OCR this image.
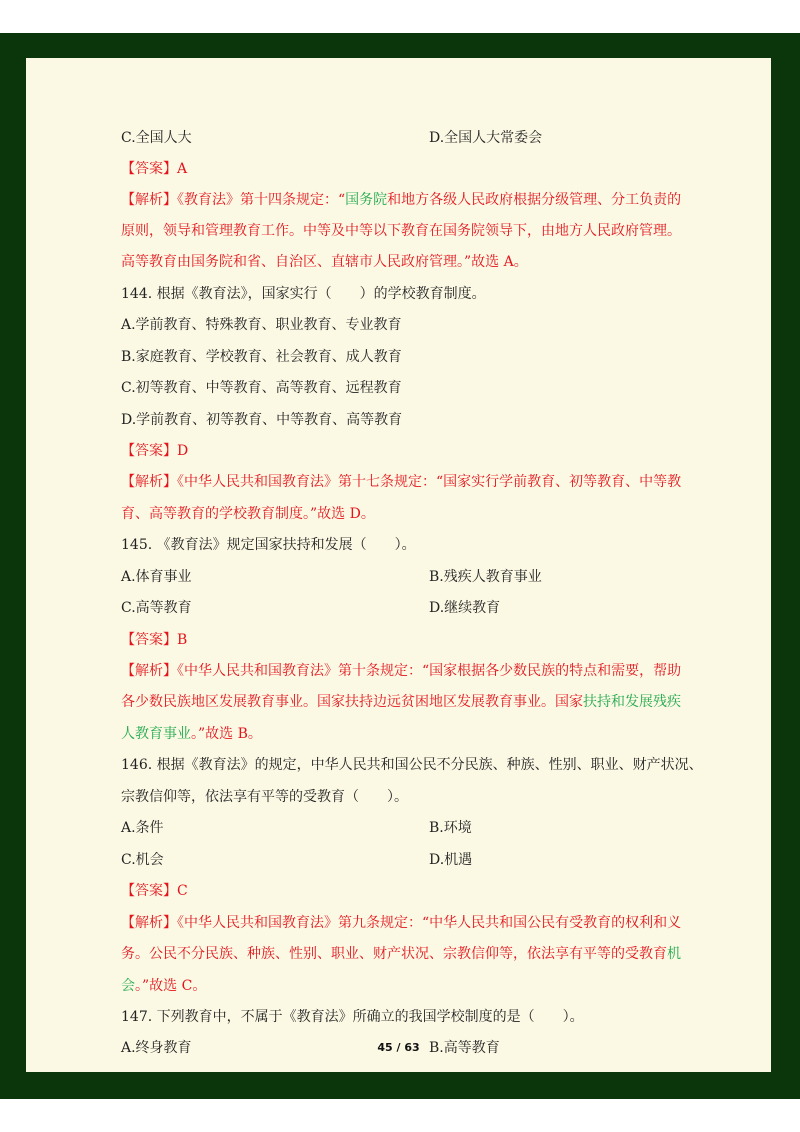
C.全国人大	D.全国人大常委会
【答案】A
【解析】《教育法》第十四条规定：“国务院和地方各级人民政府根据分级管理、分工负责的
原则，领导和管理教育工作。中等及中等以下教育在国务院领导下，由地方人民政府管理。
高等教育由国务院和省、自治区、直辖市人民政府管理。”故选 A。
144. 根据《教育法》，国家实行（　　）的学校教育制度。
A.学前教育、特殊教育、职业教育、专业教育
B.家庭教育、学校教育、社会教育、成人教育
C.初等教育、中等教育、高等教育、远程教育
D.学前教育、初等教育、中等教育、高等教育
【答案】D
【解析】《中华人民共和国教育法》第十七条规定：“国家实行学前教育、初等教育、中等教
育、高等教育的学校教育制度。”故选 D。
145. 《教育法》规定国家扶持和发展（　　）。
A.体育事业	B.残疾人教育事业
C.高等教育	D.继续教育
【答案】B
【解析】《中华人民共和国教育法》第十条规定：“国家根据各少数民族的特点和需要，帮助
各少数民族地区发展教育事业。国家扶持边远贫困地区发展教育事业。国家扶持和发展残疾
人教育事业。”故选 B。
146. 根据《教育法》的规定，中华人民共和国公民不分民族、种族、性别、职业、财产状况、
宗教信仰等，依法享有平等的受教育（　　）。
A.条件	B.环境
C.机会	D.机遇
【答案】C
【解析】《中华人民共和国教育法》第九条规定：“中华人民共和国公民有受教育的权利和义
务。公民不分民族、种族、性别、职业、财产状况、宗教信仰等，依法享有平等的受教育机
会。”故选 C。
147. 下列教育中，不属于《教育法》所确立的我国学校制度的是（　　）。
A.终身教育	B.高等教育
45 / 63
